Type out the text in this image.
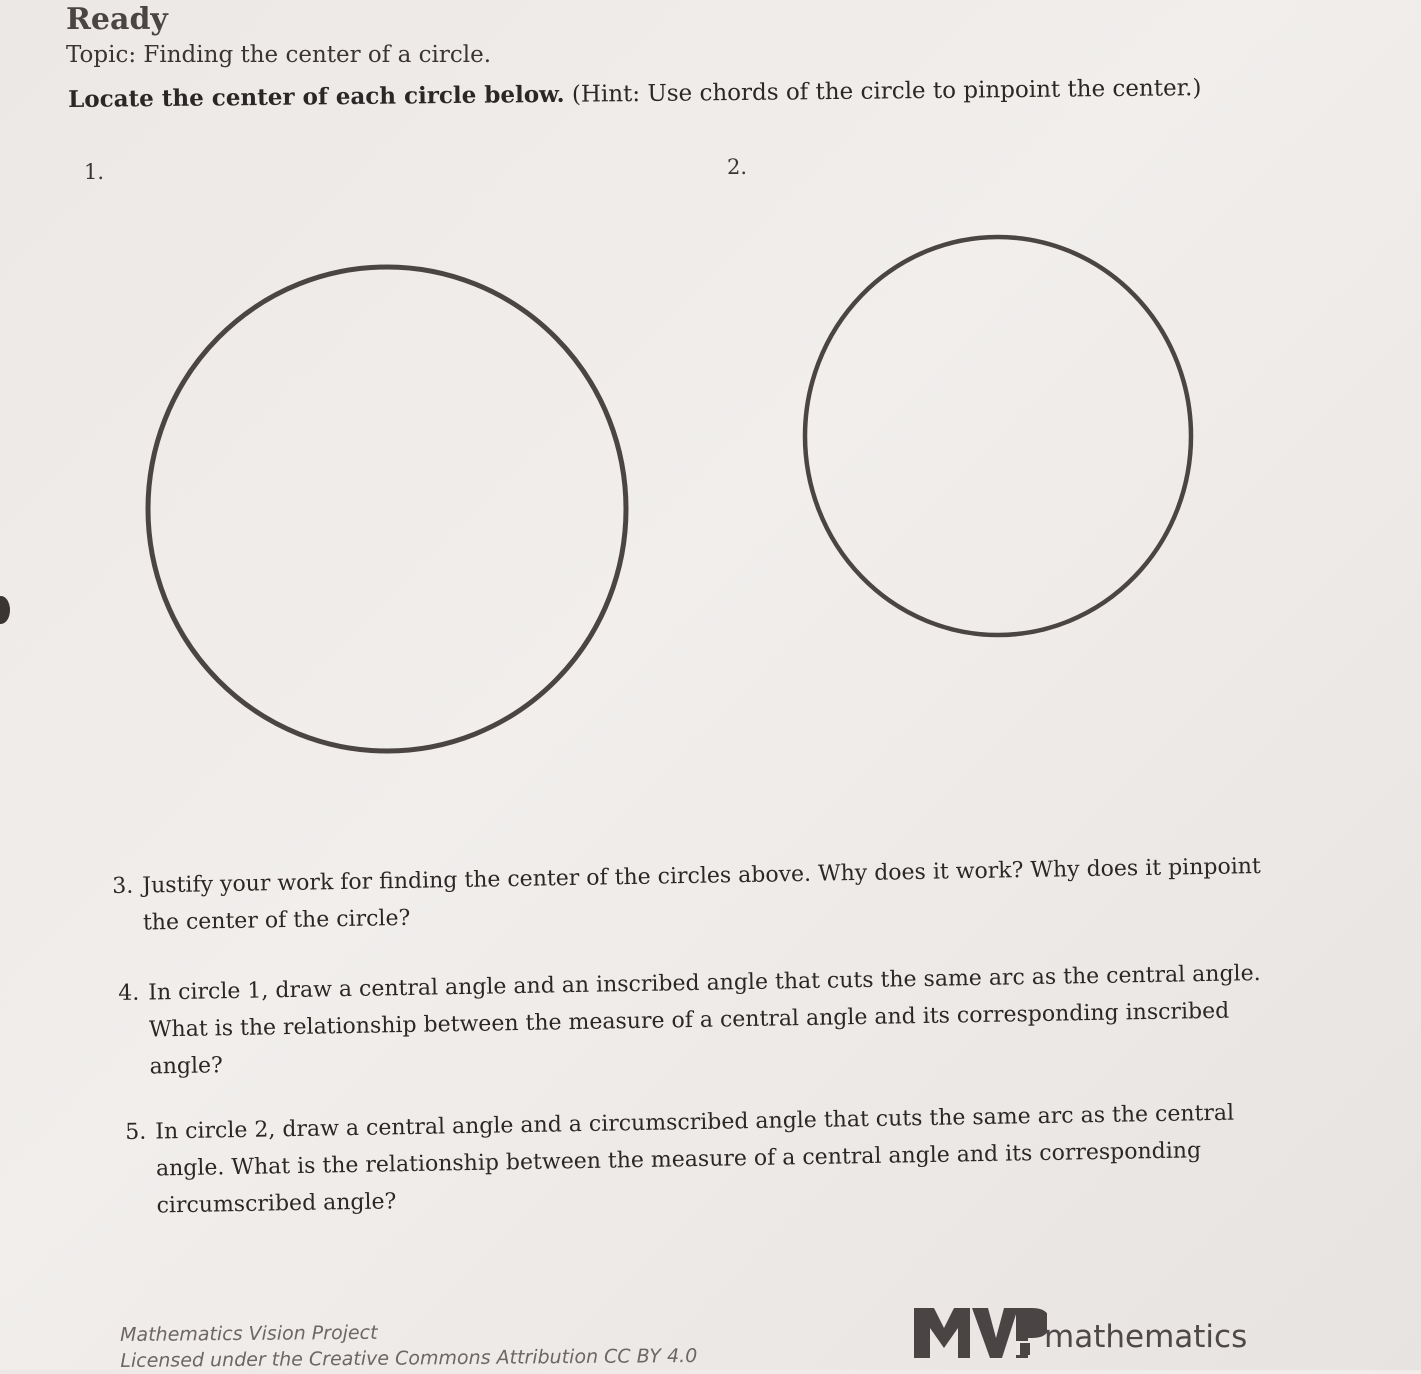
Ready
Topic: Finding the center of a circle.
Locate the center of each circle below. (Hint: Use chords of the circle to pinpoint the center.)
1.	2.
3. Justify your work for finding the center of the circles above. Why does it work? Why does it pinpoint
the center of the circle?
4. In circle 1, draw a central angle and an inscribed angle that cuts the same arc as the central angle.
What is the relationship between the measure of a central angle and its corresponding inscribed
angle?
5. In circle 2, draw a central angle and a circumscribed angle that cuts the same arc as the central
angle. What is the relationship between the measure of a central angle and its corresponding
circumscribed angle?
Mathematics Vision Project
Licensed under the Creative Commons Attribution CC BY 4.0
mathematics
